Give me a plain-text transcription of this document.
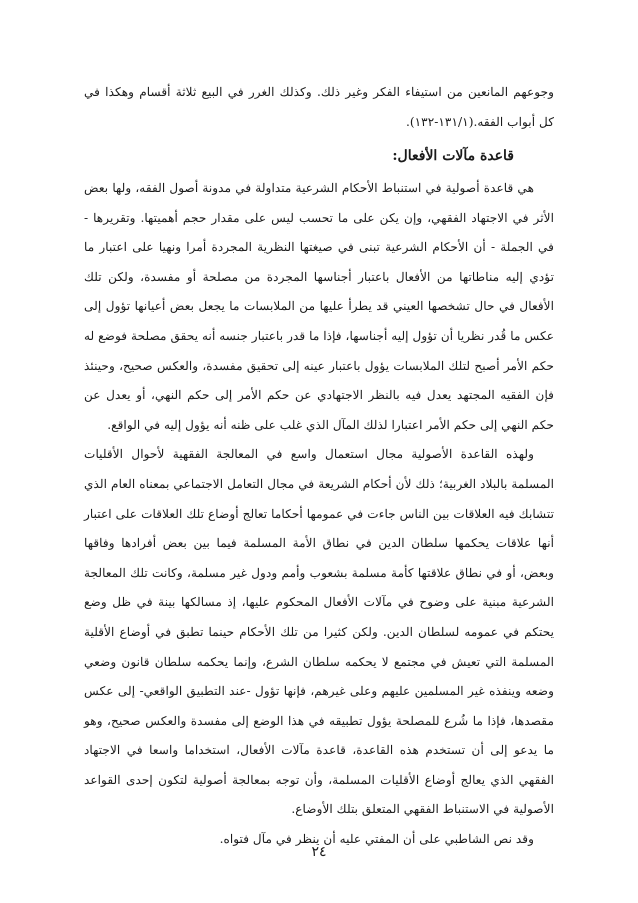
وجوعهم المانعين من استيفاء الفكر وغير ذلك. وكذلك الغرر في البيع ثلاثة أقسام وهكذا في كل أبواب الفقه.(١٣١/١-١٣٢).

قاعدة مآلات الأفعال:

هي قاعدة أصولية في استنباط الأحكام الشرعية متداولة في مدونة أصول الفقه، ولها بعض الأثر في الاجتهاد الفقهي، وإن يكن على ما تحسب ليس على مقدار حجم أهميتها. وتقريرها - في الجملة - أن الأحكام الشرعية تبنى في صيغتها النظرية المجردة أمرا ونهيا على اعتبار ما تؤدي إليه مناطاتها من الأفعال باعتبار أجناسها المجردة من مصلحة أو مفسدة، ولكن تلك الأفعال في حال تشخصها العيني قد يطرأ عليها من الملابسات ما يجعل بعض أعيانها تؤول إلى عكس ما قُدر نظريا أن تؤول إليه أجناسها، فإذا ما قدر باعتبار جنسه أنه يحقق مصلحة فوضع له حكم الأمر أصبح لتلك الملابسات يؤول باعتبار عينه إلى تحقيق مفسدة، والعكس صحيح، وحينئذ فإن الفقيه المجتهد يعدل فيه بالنظر الاجتهادي عن حكم الأمر إلى حكم النهي، أو يعدل عن حكم النهي إلى حكم الأمر اعتبارا لذلك المآل الذي غلب على ظنه أنه يؤول إليه في الواقع.

ولهذه القاعدة الأصولية مجال استعمال واسع في المعالجة الفقهية لأحوال الأقليات المسلمة بالبلاد الغربية؛ ذلك لأن أحكام الشريعة في مجال التعامل الاجتماعي بمعناه العام الذي تتشابك فيه العلاقات بين الناس جاءت في عمومها أحكاما تعالج أوضاع تلك العلاقات على اعتبار أنها علاقات يحكمها سلطان الدين في نطاق الأمة المسلمة فيما بين بعض أفرادها وفاقها وبعض، أو في نطاق علاقتها كأمة مسلمة بشعوب وأمم ودول غير مسلمة، وكانت تلك المعالجة الشرعية مبنية على وضوح في مآلات الأفعال المحكوم عليها، إذ مسالكها بينة في ظل وضع يحتكم في عمومه لسلطان الدين. ولكن كثيرا من تلك الأحكام حينما تطبق في أوضاع الأقلية المسلمة التي تعيش في مجتمع لا يحكمه سلطان الشرع، وإنما يحكمه سلطان قانون وضعي وضعه وينفذه غير المسلمين عليهم وعلى غيرهم، فإنها تؤول -عند التطبيق الواقعي- إلى عكس مقصدها، فإذا ما شُرع للمصلحة يؤول تطبيقه في هذا الوضع إلى مفسدة والعكس صحيح، وهو ما يدعو إلى أن تستخدم هذه القاعدة، قاعدة مآلات الأفعال، استخداما واسعا في الاجتهاد الفقهي الذي يعالج أوضاع الأقليات المسلمة، وأن توجه بمعالجة أصولية لتكون إحدى القواعد الأصولية في الاستنباط الفقهي المتعلق بتلك الأوضاع.

وقد نص الشاطبي على أن المفتي عليه أن ينظر في مآل فتواه.

٢٤
